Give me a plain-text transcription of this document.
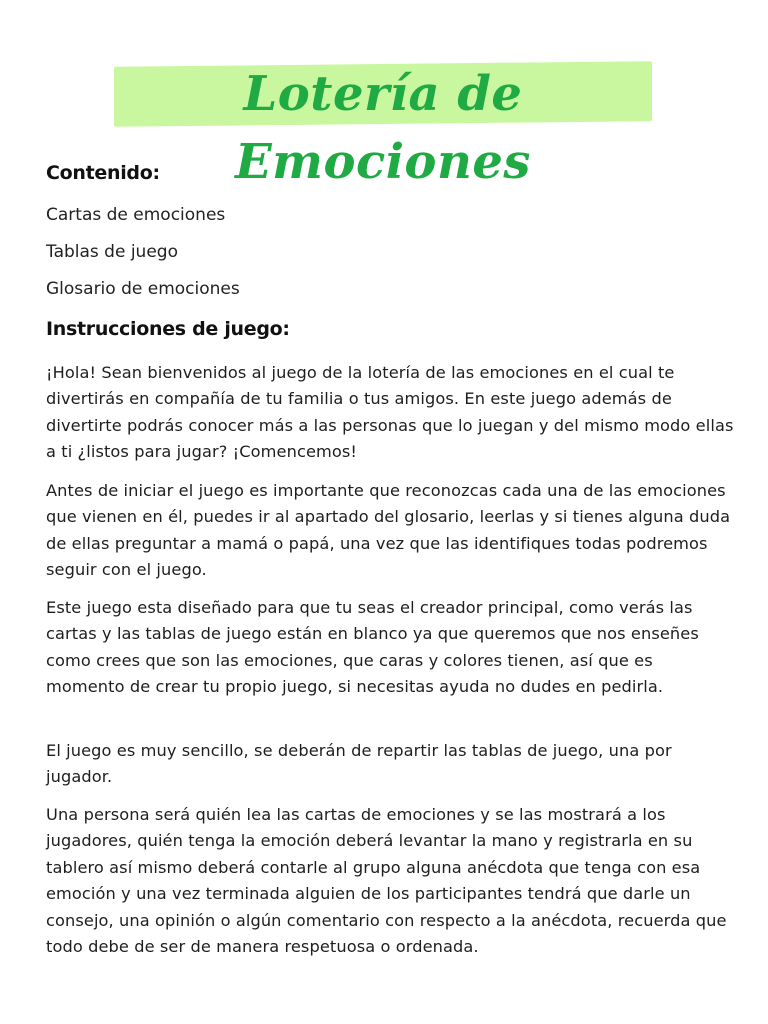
Lotería de Emociones
Contenido:
Cartas de emociones
Tablas de juego
Glosario de emociones
Instrucciones de juego:

¡Hola! Sean bienvenidos al juego de la lotería de las emociones en el cual te divertirás en compañía de tu familia o tus amigos. En este juego además de divertirte podrás conocer más a las personas que lo juegan y del mismo modo ellas a ti ¿listos para jugar? ¡Comencemos!

Antes de iniciar el juego es importante que reconozcas cada una de las emociones que vienen en él, puedes ir al apartado del glosario, leerlas y si tienes alguna duda de ellas preguntar a mamá o papá, una vez que las identifiques todas podremos seguir con el juego.

Este juego esta diseñado para que tu seas el creador principal, como verás las cartas y las tablas de juego están en blanco ya que queremos que nos enseñes como crees que son las emociones, que caras y colores tienen, así que es momento de crear tu propio juego, si necesitas ayuda no dudes en pedirla.

El juego es muy sencillo, se deberán de repartir las tablas de juego, una por jugador.

Una persona será quién lea las cartas de emociones y se las mostrará a los jugadores, quién tenga la emoción deberá levantar la mano y registrarla en su tablero así mismo deberá contarle al grupo alguna anécdota que tenga con esa emoción y una vez terminada alguien de los participantes tendrá que darle un consejo, una opinión o algún comentario con respecto a la anécdota, recuerda que todo debe de ser de manera respetuosa o ordenada.
